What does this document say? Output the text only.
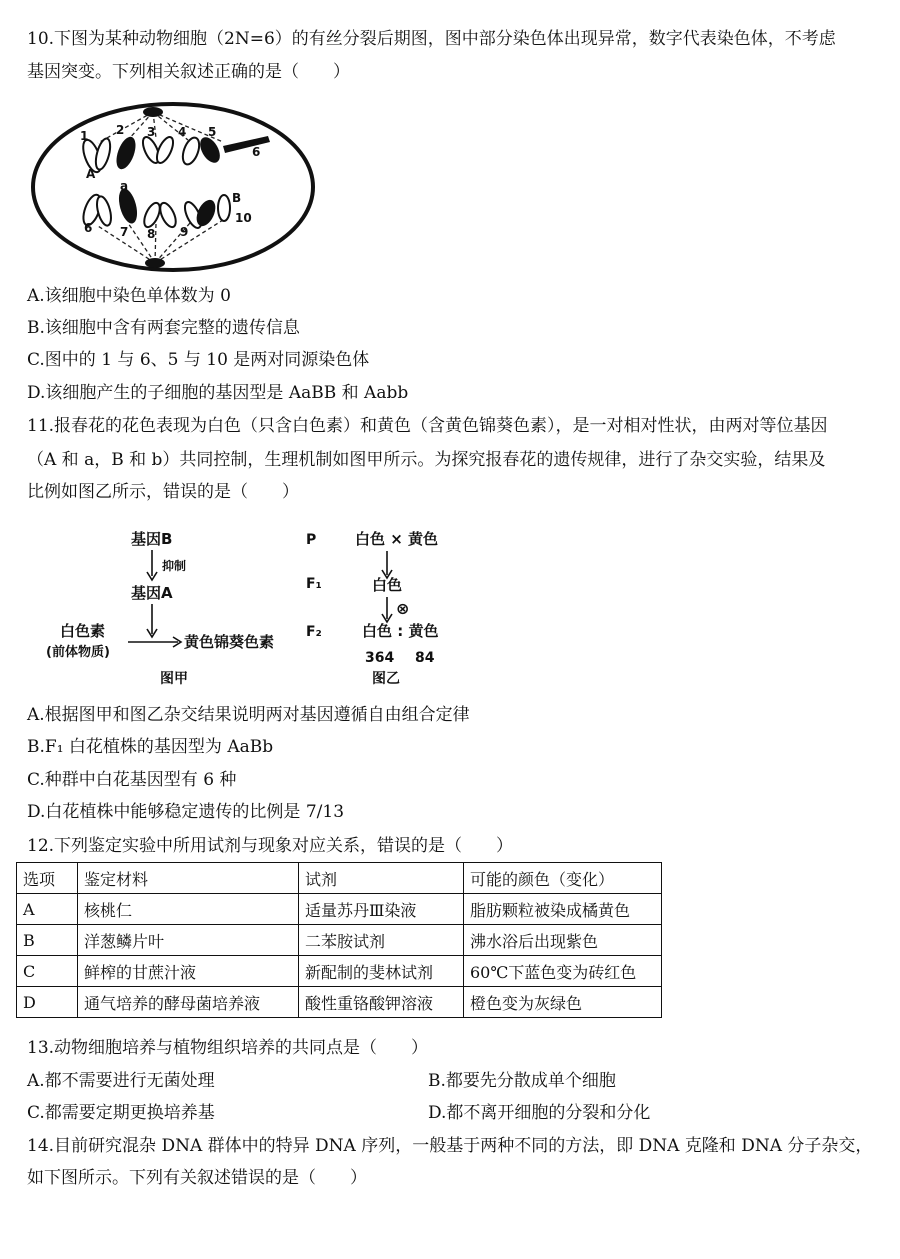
10.下图为某种动物细胞（2N=6）的有丝分裂后期图，图中部分染色体出现异常，数字代表染色体，不考虑
基因突变。下列相关叙述正确的是（　　）
1 2 3 4 5
6
A
a
B
10
6 7 8 9
A.该细胞中染色单体数为 0
B.该细胞中含有两套完整的遗传信息
C.图中的 1 与 6、5 与 10 是两对同源染色体
D.该细胞产生的子细胞的基因型是 AaBB 和 Aabb
11.报春花的花色表现为白色（只含白色素）和黄色（含黄色锦葵色素），是一对相对性状，由两对等位基因
（A 和 a，B 和 b）共同控制，生理机制如图甲所示。为探究报春花的遗传规律，进行了杂交实验，结果及
比例如图乙所示，错误的是（　　）
基因B
抑制
基因A
白色素
(前体物质)
黄色锦葵色素
图甲
P	白色 × 黄色
F₁	白色
⊗
F₂	白色 : 黄色
364 84
图乙
A.根据图甲和图乙杂交结果说明两对基因遵循自由组合定律
B.F₁ 白花植株的基因型为 AaBb
C.种群中白花基因型有 6 种
D.白花植株中能够稳定遗传的比例是 7/13
12.下列鉴定实验中所用试剂与现象对应关系，错误的是（　　）
选项	鉴定材料	试剂	可能的颜色（变化）
A	核桃仁	适量苏丹Ⅲ染液	脂肪颗粒被染成橘黄色
B	洋葱鳞片叶	二苯胺试剂	沸水浴后出现紫色
C	鲜榨的甘蔗汁液	新配制的斐林试剂	60℃下蓝色变为砖红色
D	通气培养的酵母菌培养液	酸性重铬酸钾溶液	橙色变为灰绿色
13.动物细胞培养与植物组织培养的共同点是（　　）
A.都不需要进行无菌处理	B.都要先分散成单个细胞
C.都需要定期更换培养基	D.都不离开细胞的分裂和分化
14.目前研究混杂 DNA 群体中的特异 DNA 序列，一般基于两种不同的方法，即 DNA 克隆和 DNA 分子杂交，
如下图所示。下列有关叙述错误的是（　　）
